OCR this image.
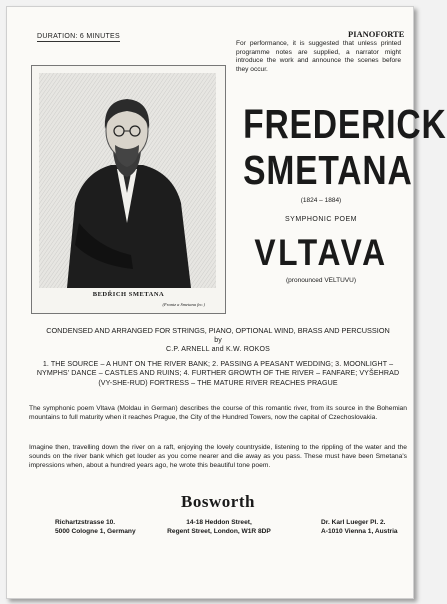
DURATION: 6 MINUTES	PIANOFORTE
For performance, it is suggested that unless printed programme notes are supplied, a narrator might introduce the work and announce the scenes before they occur.
BEDŘICH SMETANA
(Frantz a Smetana fec.)
FREDERICK
SMETANA
(1824 – 1884)
SYMPHONIC POEM
VLTAVA
(pronounced VELTUVU)
CONDENSED AND ARRANGED FOR STRINGS, PIANO, OPTIONAL WIND, BRASS AND PERCUSSION
by
C.P. ARNELL and K.W. ROKOS
1. THE SOURCE – A HUNT ON THE RIVER BANK; 2. PASSING A PEASANT WEDDING; 3. MOONLIGHT – NYMPHS' DANCE – CASTLES AND RUINS; 4. FURTHER GROWTH OF THE RIVER – FANFARE; VYŠEHRAD (VY-SHE-RUD) FORTRESS – THE MATURE RIVER REACHES PRAGUE
The symphonic poem Vltava (Moldau in German) describes the course of this romantic river, from its source in the Bohemian mountains to full maturity when it reaches Prague, the City of the Hundred Towers, now the capital of Czechoslovakia.
Imagine then, travelling down the river on a raft, enjoying the lovely countryside, listening to the rippling of the water and the sounds on the river bank which get louder as you come nearer and die away as you pass. These must have been Smetana's impressions when, about a hundred years ago, he wrote this beautiful tone poem.
Bosworth
Richartzstrasse 10.
5000 Cologne 1, Germany
14-18 Heddon Street,
Regent Street, London, W1R 8DP
Dr. Karl Lueger Pl. 2.
A-1010 Vienna 1, Austria
